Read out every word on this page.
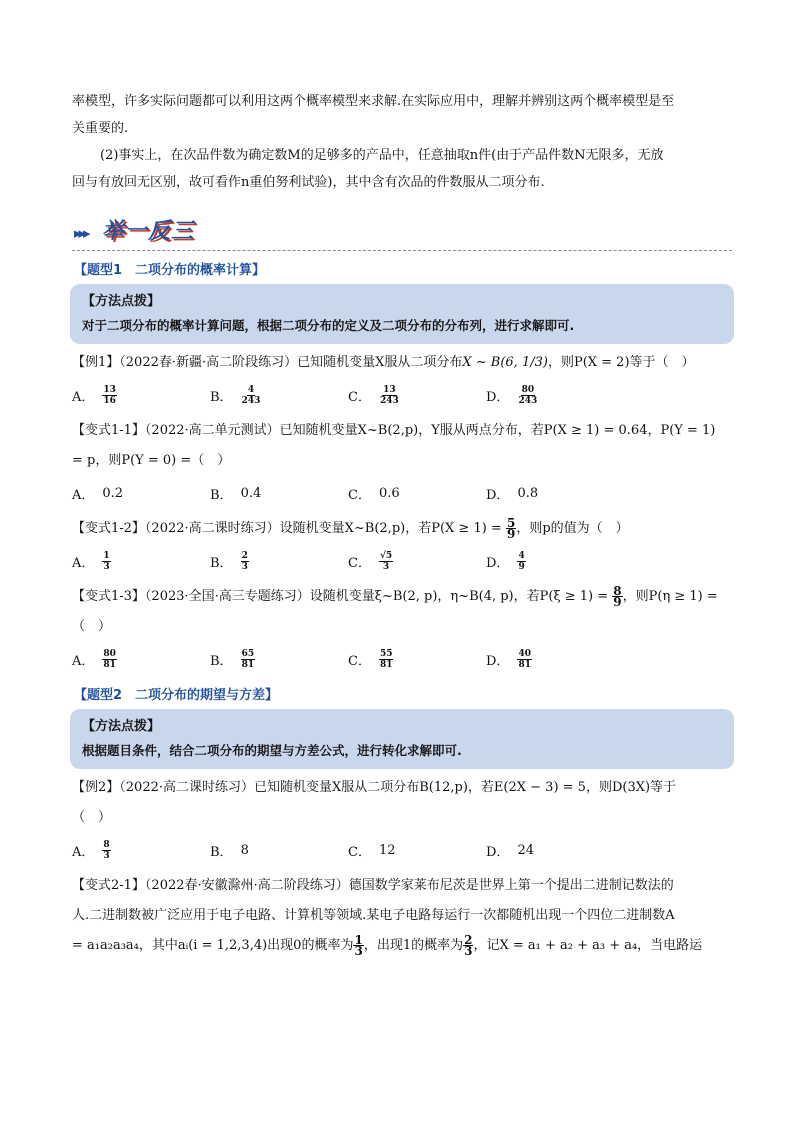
率模型，许多实际问题都可以利用这两个概率模型来求解.在实际应用中，理解并辨别这两个概率模型是至

关重要的.

(2)事实上，在次品件数为确定数M的足够多的产品中，任意抽取n件(由于产品件数N无限多，无放

回与有放回无区别，故可看作n重伯努利试验)，其中含有次品的件数服从二项分布.

▸▸▸ 举一反三
【题型1　二项分布的概率计算】
【方法点拨】
对于二项分布的概率计算问题，根据二项分布的定义及二项分布的分布列，进行求解即可.
【例1】（2022春·新疆·高二阶段练习）已知随机变量X服从二项分布X ~ B(6, 1/3)，则P(X = 2)等于（　）
A． $\frac{13}{16}$	B． $\frac{4}{243}$	C． $\frac{13}{243}$	D． $\frac{80}{243}$
【变式1-1】（2022·高二单元测试）已知随机变量X~B(2,p)，Y服从两点分布，若P(X ≥ 1) = 0.64，P(Y = 1)
= p，则P(Y = 0) =（　）
A． 0.2	B． 0.4	C． 0.6	D． 0.8
【变式1-2】（2022·高二课时练习）设随机变量X~B(2,p)，若$P(X \ge 1) = \frac{5}{9}$ ，则p的值为（　）
A． $\frac{1}{3}$	B． $\frac{2}{3}$	C． $\frac{√5}{3}$	D． $\frac{4}{9}$
【变式1-3】（2023·全国·高三专题练习）设随机变量ξ~B(2, p)，η~B(4, p)，若$P(\xi \ge 1) = \frac{8}{9}$ ，则P(η ≥ 1) =
（　）
A． $\frac{80}{81}$	B． $\frac{65}{81}$	C． $\frac{55}{81}$	D． $\frac{40}{81}$
【题型2　二项分布的期望与方差】
【方法点拨】
根据题目条件，结合二项分布的期望与方差公式，进行转化求解即可.
【例2】（2022·高二课时练习）已知随机变量X服从二项分布B(12,p)，若E(2X − 3) = 5，则D(3X)等于
（　）
A． $\frac{8}{3}$	B． 8	C． 12	D． 24
【变式2-1】（2022春·安徽滁州·高二阶段练习）德国数学家莱布尼茨是世界上第一个提出二进制记数法的
人.二进制数被广泛应用于电子电路、计算机等领域.某电子电路每运行一次都随机出现一个四位二进制数A
= a₁a₂a₃a₄，其中aᵢ(i = 1,2,3,4)出现0的概率为 $\frac{1}{3}$ ，出现1的概率为 $\frac{2}{3}$ ，记X = a₁ + a₂ + a₃ + a₄，当电路运
